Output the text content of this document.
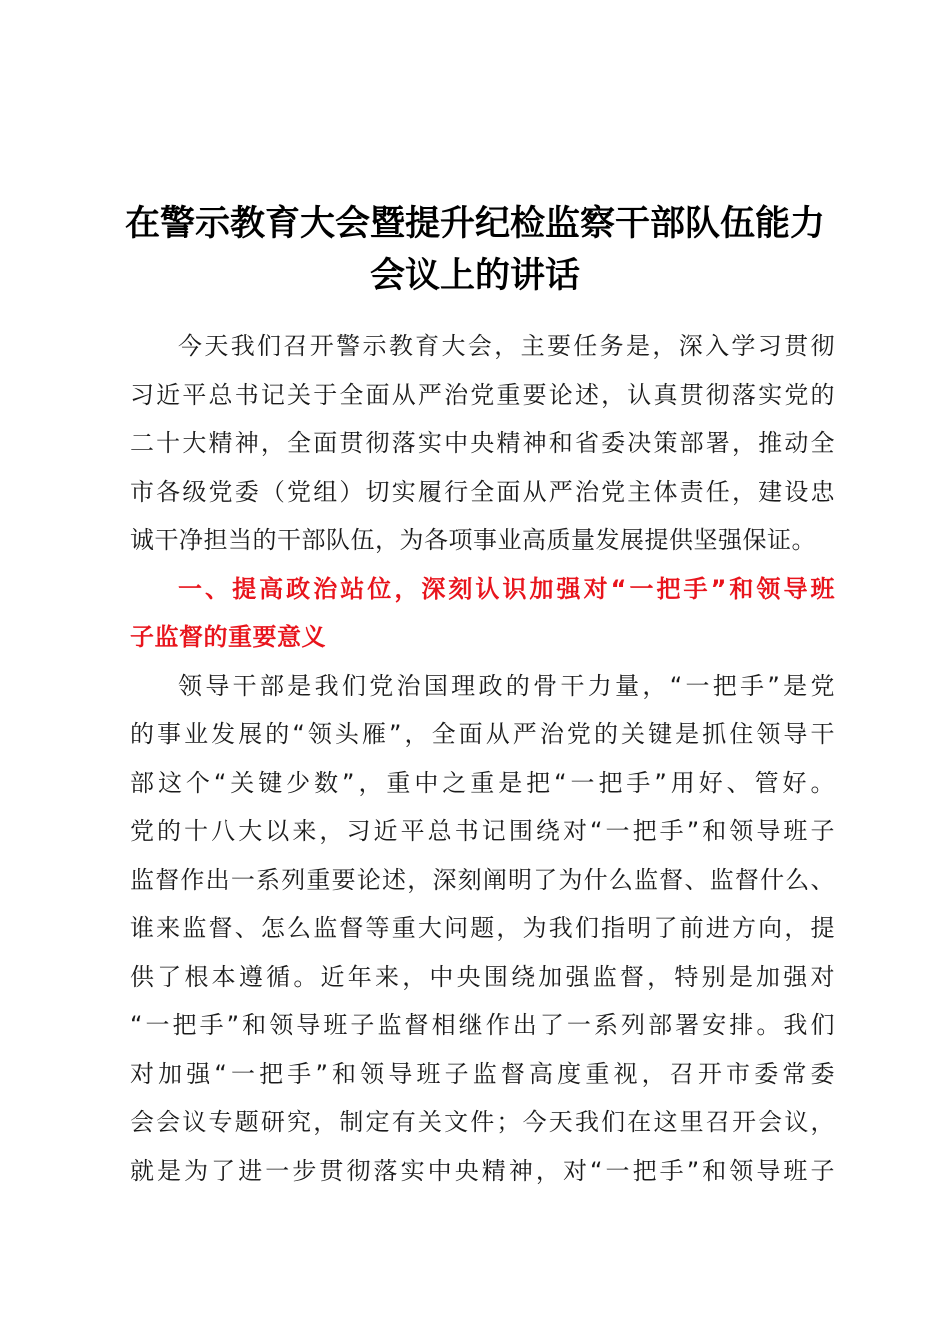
在警示教育大会暨提升纪检监察干部队伍能力
会议上的讲话
今天我们召开警示教育大会，主要任务是，深入学习贯彻
习近平总书记关于全面从严治党重要论述，认真贯彻落实党的
二十大精神，全面贯彻落实中央精神和省委决策部署，推动全
市各级党委（党组）切实履行全面从严治党主体责任，建设忠
诚干净担当的干部队伍，为各项事业高质量发展提供坚强保证。
一、提高政治站位，深刻认识加强对“一把手”和领导班
子监督的重要意义
领导干部是我们党治国理政的骨干力量，“一把手”是党
的事业发展的“领头雁”，全面从严治党的关键是抓住领导干
部这个“关键少数”，重中之重是把“一把手”用好、管好。
党的十八大以来，习近平总书记围绕对“一把手”和领导班子
监督作出一系列重要论述，深刻阐明了为什么监督、监督什么、
谁来监督、怎么监督等重大问题，为我们指明了前进方向，提
供了根本遵循。近年来，中央围绕加强监督，特别是加强对
“一把手”和领导班子监督相继作出了一系列部署安排。我们
对加强“一把手”和领导班子监督高度重视，召开市委常委
会会议专题研究，制定有关文件；今天我们在这里召开会议，
就是为了进一步贯彻落实中央精神，对“一把手”和领导班子
